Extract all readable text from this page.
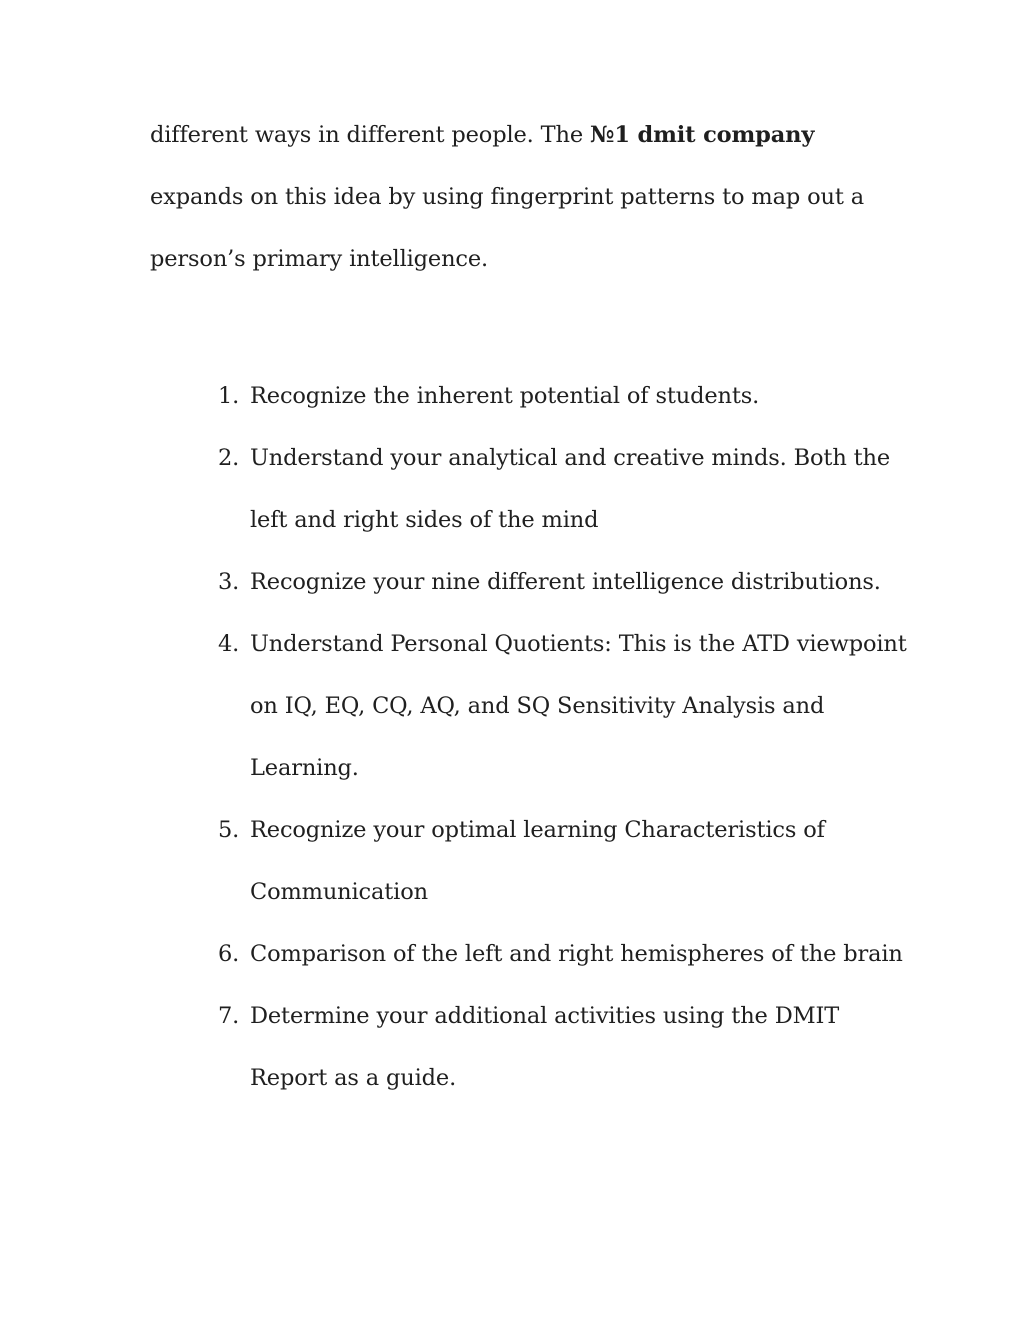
different ways in different people. The №1 dmit company expands on this idea by using fingerprint patterns to map out a person’s primary intelligence.

1. Recognize the inherent potential of students.
2. Understand your analytical and creative minds. Both the left and right sides of the mind
3. Recognize your nine different intelligence distributions.
4. Understand Personal Quotients: This is the ATD viewpoint on IQ, EQ, CQ, AQ, and SQ Sensitivity Analysis and Learning.
5. Recognize your optimal learning Characteristics of Communication
6. Comparison of the left and right hemispheres of the brain
7. Determine your additional activities using the DMIT Report as a guide.
